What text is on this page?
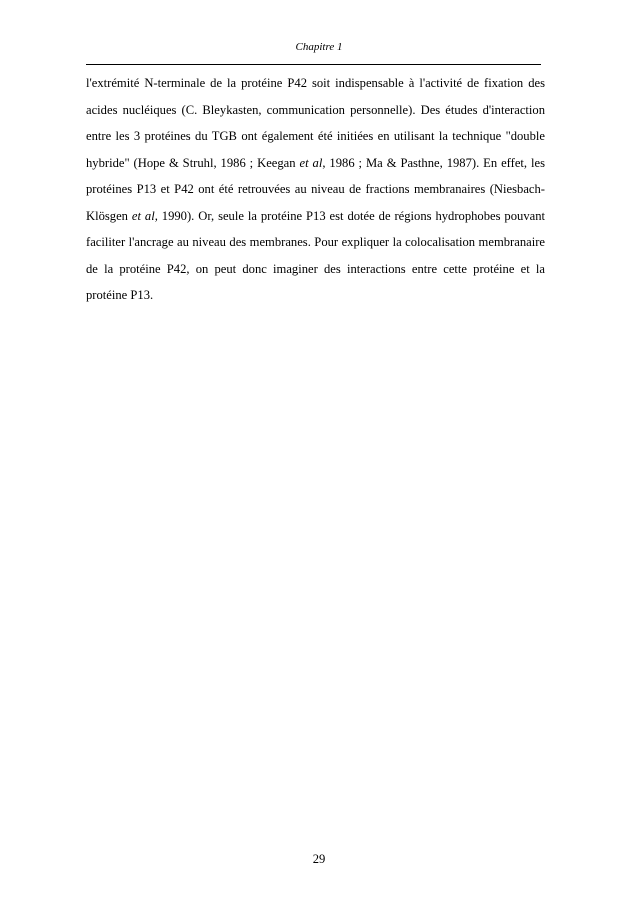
Chapitre 1

l'extrémité N-terminale de la protéine P42 soit indispensable à l'activité de fixation des acides nucléiques (C. Bleykasten, communication personnelle). Des études d'interaction entre les 3 protéines du TGB ont également été initiées en utilisant la technique "double hybride" (Hope & Struhl, 1986 ; Keegan et al, 1986 ; Ma & Pasthne, 1987). En effet, les protéines P13 et P42 ont été retrouvées au niveau de fractions membranaires (Niesbach-Klösgen et al, 1990). Or, seule la protéine P13 est dotée de régions hydrophobes pouvant faciliter l'ancrage au niveau des membranes. Pour expliquer la colocalisation membranaire de la protéine P42, on peut donc imaginer des interactions entre cette protéine et la protéine P13.

29
